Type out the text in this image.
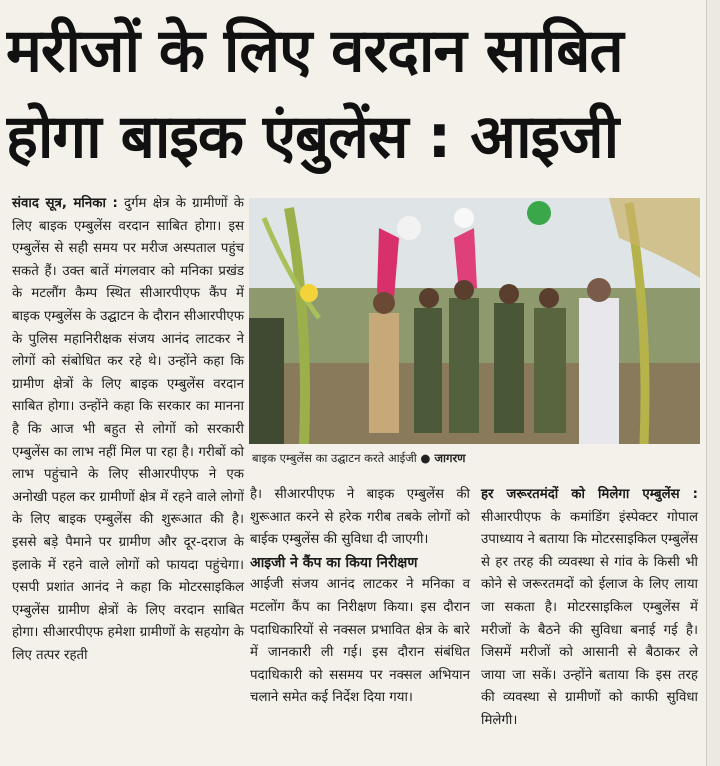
मरीजों के लिए वरदान साबित
होगा बाइक एंबुलेंस : आइजी

संवाद सूत्र, मनिका : दुर्गम क्षेत्र के ग्रामीणों के लिए बाइक एम्बुलेंस वरदान साबित होगा। इस एम्बुलेंस से सही समय पर मरीज अस्पताल पहुंच सकते हैं। उक्त बातें मंगलवार को मनिका प्रखंड के मटलौंग कैम्प स्थित सीआरपीएफ कैंप में बाइक एम्बुलेंस के उद्घाटन के दौरान सीआरपीएफ के पुलिस महानिरीक्षक संजय आनंद लाटकर ने लोगों को संबोधित कर रहे थे। उन्होंने कहा कि ग्रामीण क्षेत्रों के लिए बाइक एम्बुलेंस वरदान साबित होगा। उन्होंने कहा कि सरकार का मानना है कि आज भी बहुत से लोगों को सरकारी एम्बुलेंस का लाभ नहीं मिल पा रहा है। गरीबों को लाभ पहुंचाने के लिए सीआरपीएफ ने एक अनोखी पहल कर ग्रामीणों क्षेत्र में रहने वाले लोगों के लिए बाइक एम्बुलेंस की शुरूआत की है। इससे बड़े पैमाने पर ग्रामीण और दूर-दराज के इलाके में रहने वाले लोगों को फायदा पहुंचेगा। एसपी प्रशांत आनंद ने कहा कि मोटरसाइकिल एम्बुलेंस ग्रामीण क्षेत्रों के लिए वरदान साबित होगा। सीआरपीएफ हमेशा ग्रामीणों के सहयोग के लिए तत्पर रहती

बाइक एम्बुलेंस का उद्घाटन करते आईजी ● जागरण

है। सीआरपीएफ ने बाइक एम्बुलेंस की शुरूआत करने से हरेक गरीब तबके लोगों को बाईक एम्बुलेंस की सुविधा दी जाएगी।

आइजी ने कैंप का किया निरीक्षण

आईजी संजय आनंद लाटकर ने मनिका व मटलोंग कैंप का निरीक्षण किया। इस दौरान पदाधिकारियों से नक्सल प्रभावित क्षेत्र के बारे में जानकारी ली गई। इस दौरान संबंधित पदाधिकारी को ससमय पर नक्सल अभियान चलाने समेत कई निर्देश दिया गया।

हर जरूरतमंदों को मिलेगा एम्बुलेंस : सीआरपीएफ के कमांडिंग इंस्पेक्टर गोपाल उपाध्याय ने बताया कि मोटरसाइकिल एम्बुलेंस से हर तरह की व्यवस्था से गांव के किसी भी कोने से जरूरतमदों को ईलाज के लिए लाया जा सकता है। मोटरसाइकिल एम्बुलेंस में मरीजों के बैठने की सुविधा बनाई गई है। जिसमें मरीजों को आसानी से बैठाकर ले जाया जा सकें। उन्होंने बताया कि इस तरह की व्यवस्था से ग्रामीणों को काफी सुविधा मिलेगी।
